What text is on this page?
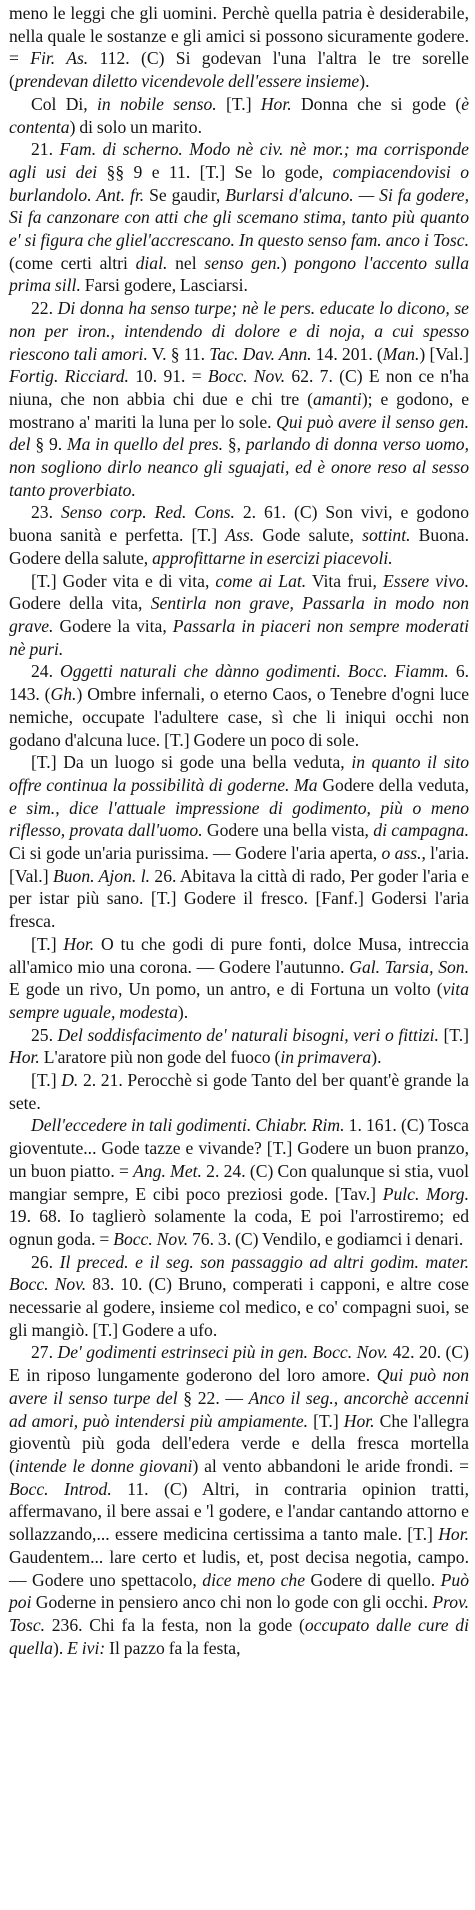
meno le leggi che gli uomini. Perchè quella patria è desiderabile, nella quale le sostanze e gli amici si possono sicuramente godere. = Fir. As. 112. (C) Si godevan l'una l'altra le tre sorelle (prendevan diletto vicendevole dell'essere insieme).

Col Di, in nobile senso. [T.] Hor. Donna che si gode (è contenta) di solo un marito.

21. Fam. di scherno. Modo nè civ. nè mor.; ma corrisponde agli usi dei §§ 9 e 11. [T.] Se lo gode, compiacendovisi o burlandolo. Ant. fr. Se gaudir, Burlarsi d'alcuno. — Si fa godere, Si fa canzonare con atti che gli scemano stima, tanto più quanto e' si figura che gliel'accrescano. In questo senso fam. anco i Tosc. (come certi altri dial. nel senso gen.) pongono l'accento sulla prima sill. Farsi godere, Lasciarsi.

22. Di donna ha senso turpe; nè le pers. educate lo dicono, se non per iron., intendendo di dolore e di noja, a cui spesso riescono tali amori. V. § 11. Tac. Dav. Ann. 14. 201. (Man.) [Val.] Fortig. Ricciard. 10. 91. = Bocc. Nov. 62. 7. (C) E non ce n'ha niuna, che non abbia chi due e chi tre (amanti); e godono, e mostrano a' mariti la luna per lo sole. Qui può avere il senso gen. del § 9. Ma in quello del pres. §, parlando di donna verso uomo, non sogliono dirlo neanco gli sguajati, ed è onore reso al sesso tanto proverbiato.

23. Senso corp. Red. Cons. 2. 61. (C) Son vivi, e godono buona sanità e perfetta. [T.] Ass. Gode salute, sottint. Buona. Godere della salute, approfittarne in esercizi piacevoli.

[T.] Goder vita e di vita, come ai Lat. Vita frui, Essere vivo. Godere della vita, Sentirla non grave, Passarla in modo non grave. Godere la vita, Passarla in piaceri non sempre moderati nè puri.

24. Oggetti naturali che dànno godimenti. Bocc. Fiamm. 6. 143. (Gh.) Ombre infernali, o eterno Caos, o Tenebre d'ogni luce nemiche, occupate l'adultere case, sì che li iniqui occhi non godano d'alcuna luce. [T.] Godere un poco di sole.

[T.] Da un luogo si gode una bella veduta, in quanto il sito offre continua la possibilità di goderne. Ma Godere della veduta, e sim., dice l'attuale impressione di godimento, più o meno riflesso, provata dall'uomo. Godere una bella vista, di campagna. Ci si gode un'aria purissima. — Godere l'aria aperta, o ass., l'aria. [Val.] Buon. Ajon. l. 26. Abitava la città di rado, Per goder l'aria e per istar più sano. [T.] Godere il fresco. [Fanf.] Godersi l'aria fresca.

[T.] Hor. O tu che godi di pure fonti, dolce Musa, intreccia all'amico mio una corona. — Godere l'autunno. Gal. Tarsia, Son. E gode un rivo, Un pomo, un antro, e di Fortuna un volto (vita sempre uguale, modesta).

25. Del soddisfacimento de' naturali bisogni, veri o fittizi. [T.] Hor. L'aratore più non gode del fuoco (in primavera).

[T.] D. 2. 21. Perocchè si gode Tanto del ber quant'è grande la sete.

Dell'eccedere in tali godimenti. Chiabr. Rim. 1. 161. (C) Tosca gioventute... Gode tazze e vivande? [T.] Godere un buon pranzo, un buon piatto. = Ang. Met. 2. 24. (C) Con qualunque si stia, vuol mangiar sempre, E cibi poco preziosi gode. [Tav.] Pulc. Morg. 19. 68. Io taglierò solamente la coda, E poi l'arrostiremo; ed ognun goda. = Bocc. Nov. 76. 3. (C) Vendilo, e godiamci i denari.

26. Il preced. e il seg. son passaggio ad altri godim. mater. Bocc. Nov. 83. 10. (C) Bruno, comperati i capponi, e altre cose necessarie al godere, insieme col medico, e co' compagni suoi, se gli mangiò. [T.] Godere a ufo.

27. De' godimenti estrinseci più in gen. Bocc. Nov. 42. 20. (C) E in riposo lungamente goderono del loro amore. Qui può non avere il senso turpe del § 22. — Anco il seg., ancorchè accenni ad amori, può intendersi più ampiamente. [T.] Hor. Che l'allegra gioventù più goda dell'edera verde e della fresca mortella (intende le donne giovani) al vento abbandoni le aride frondi. = Bocc. Introd. 11. (C) Altri, in contraria opinion tratti, affermavano, il bere assai e 'l godere, e l'andar cantando attorno e sollazzando,... essere medicina certissima a tanto male. [T.] Hor. Gaudentem... lare certo et ludis, et, post decisa negotia, campo. — Godere uno spettacolo, dice meno che Godere di quello. Può poi Goderne in pensiero anco chi non lo gode con gli occhi. Prov. Tosc. 236. Chi fa la festa, non la gode (occupato dalle cure di quella). E ivi: Il pazzo fa la festa,
